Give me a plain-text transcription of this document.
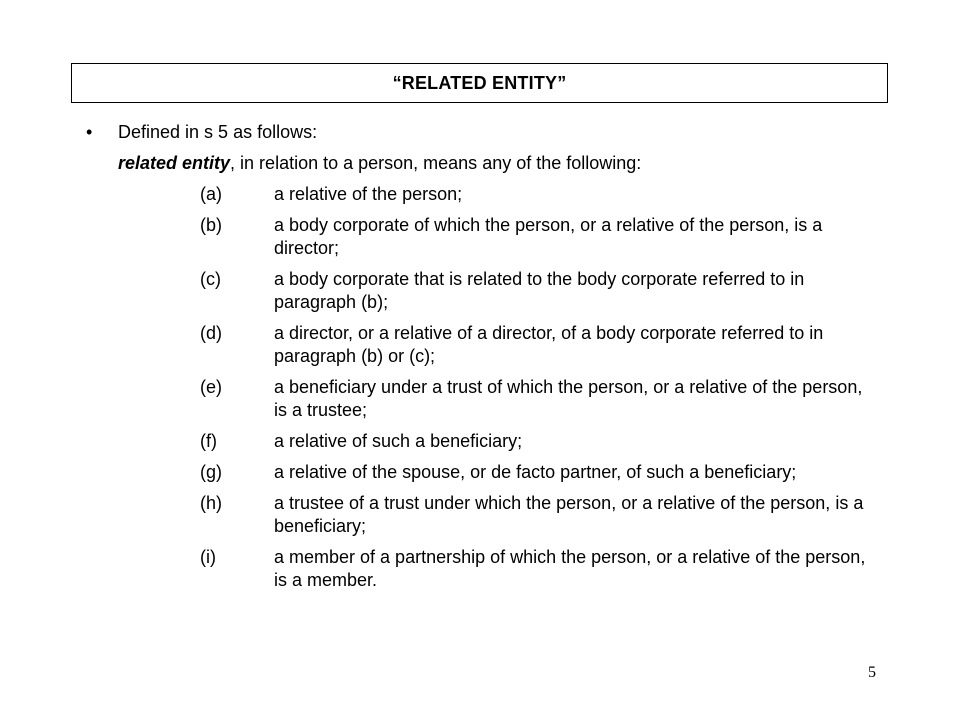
“RELATED ENTITY”
• Defined in s 5 as follows:
related entity, in relation to a person, means any of the following:
(a)	a relative of the person;
(b)	a body corporate of which the person, or a relative of the person, is a director;
(c)	a body corporate that is related to the body corporate referred to in paragraph (b);
(d)	a director, or a relative of a director, of a body corporate referred to in paragraph (b) or (c);
(e)	a beneficiary under a trust of which the person, or a relative of the person, is a trustee;
(f)	a relative of such a beneficiary;
(g)	a relative of the spouse, or de facto partner, of such a beneficiary;
(h)	a trustee of a trust under which the person, or a relative of the person, is a beneficiary;
(i)	a member of a partnership of which the person, or a relative of the person, is a member.
5
